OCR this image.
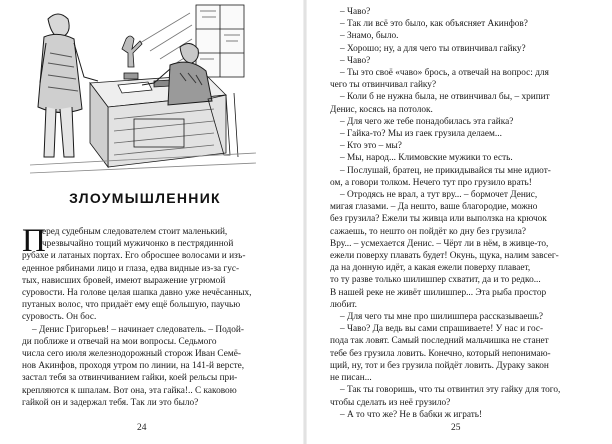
ЗЛОУМЫШЛЕННИК
П

еред судебным следователем стоит маленький,

чрезвычайно тощий мужичонко в пестрядинной

рубахе и латаных портах. Его обросшее волосами и изъ-

еденное рябинами лицо и глаза, едва видные из-за гус-

тых, нависших бровей, имеют выражение угрюмой

суровости. На голове целая шапка давно уже нечёсанных,

путаных волос, что придаёт ему ещё большую, паучью

суровость. Он бос.

– Денис Григорьев! – начинает следователь. – Подой-

ди поближе и отвечай на мои вопросы. Седьмого

числа сего июля железнодорожный сторож Иван Семё-

нов Акинфов, проходя утром по линии, на 141-й версте,

застал тебя за отвинчиванием гайки, коей рельсы при-

крепляются к шпалам. Вот она, эта гайка!.. С каковою

гайкой он и задержал тебя. Так ли это было?

24	25

– Чаво?

– Так ли всё это было, как объясняет Акинфов?

– Знамо, было.

– Хорошо; ну, а для чего ты отвинчивал гайку?

– Чаво?

– Ты это своё «чаво» брось, а отвечай на вопрос: для

чего ты отвинчивал гайку?

– Коли б не нужна была, не отвинчивал бы, – хрипит

Денис, косясь на потолок.

– Для чего же тебе понадобилась эта гайка?

– Гайка-то? Мы из гаек грузила делаем...

– Кто это – мы?

– Мы, народ... Климовские мужики то есть.

– Послушай, братец, не прикидывайся ты мне идиот-

ом, а говори толком. Нечего тут про грузило врать!

– Отродясь не врал, а тут вру... – бормочет Денис,

мигая глазами. – Да нешто, ваше благородие, можно

без грузила? Ежели ты живца или выползка на крючок

сажаешь, то нешто он пойдёт ко дну без грузила?

Вру... – усмехается Денис. – Чёрт ли в нём, в живце-то,

ежели поверху плавать будет! Окунь, щука, налим завсег-

да на донную идёт, а какая ежели поверху плавает,

то ту разве только шилишпер схватит, да и то редко...

В нашей реке не живёт шилишпер... Эта рыба простор

любит.

– Для чего ты мне про шилишпера рассказываешь?

– Чаво? Да ведь вы сами спрашиваете! У нас и гос-

пода так ловят. Самый последний мальчишка не станет

тебе без грузила ловить. Конечно, который непонимаю-

щий, ну, тот и без грузила пойдёт ловить. Дураку закон

не писан...

– Так ты говоришь, что ты отвинтил эту гайку для того,

чтобы сделать из неё грузило?

– А то что же? Не в бабки ж играть!
